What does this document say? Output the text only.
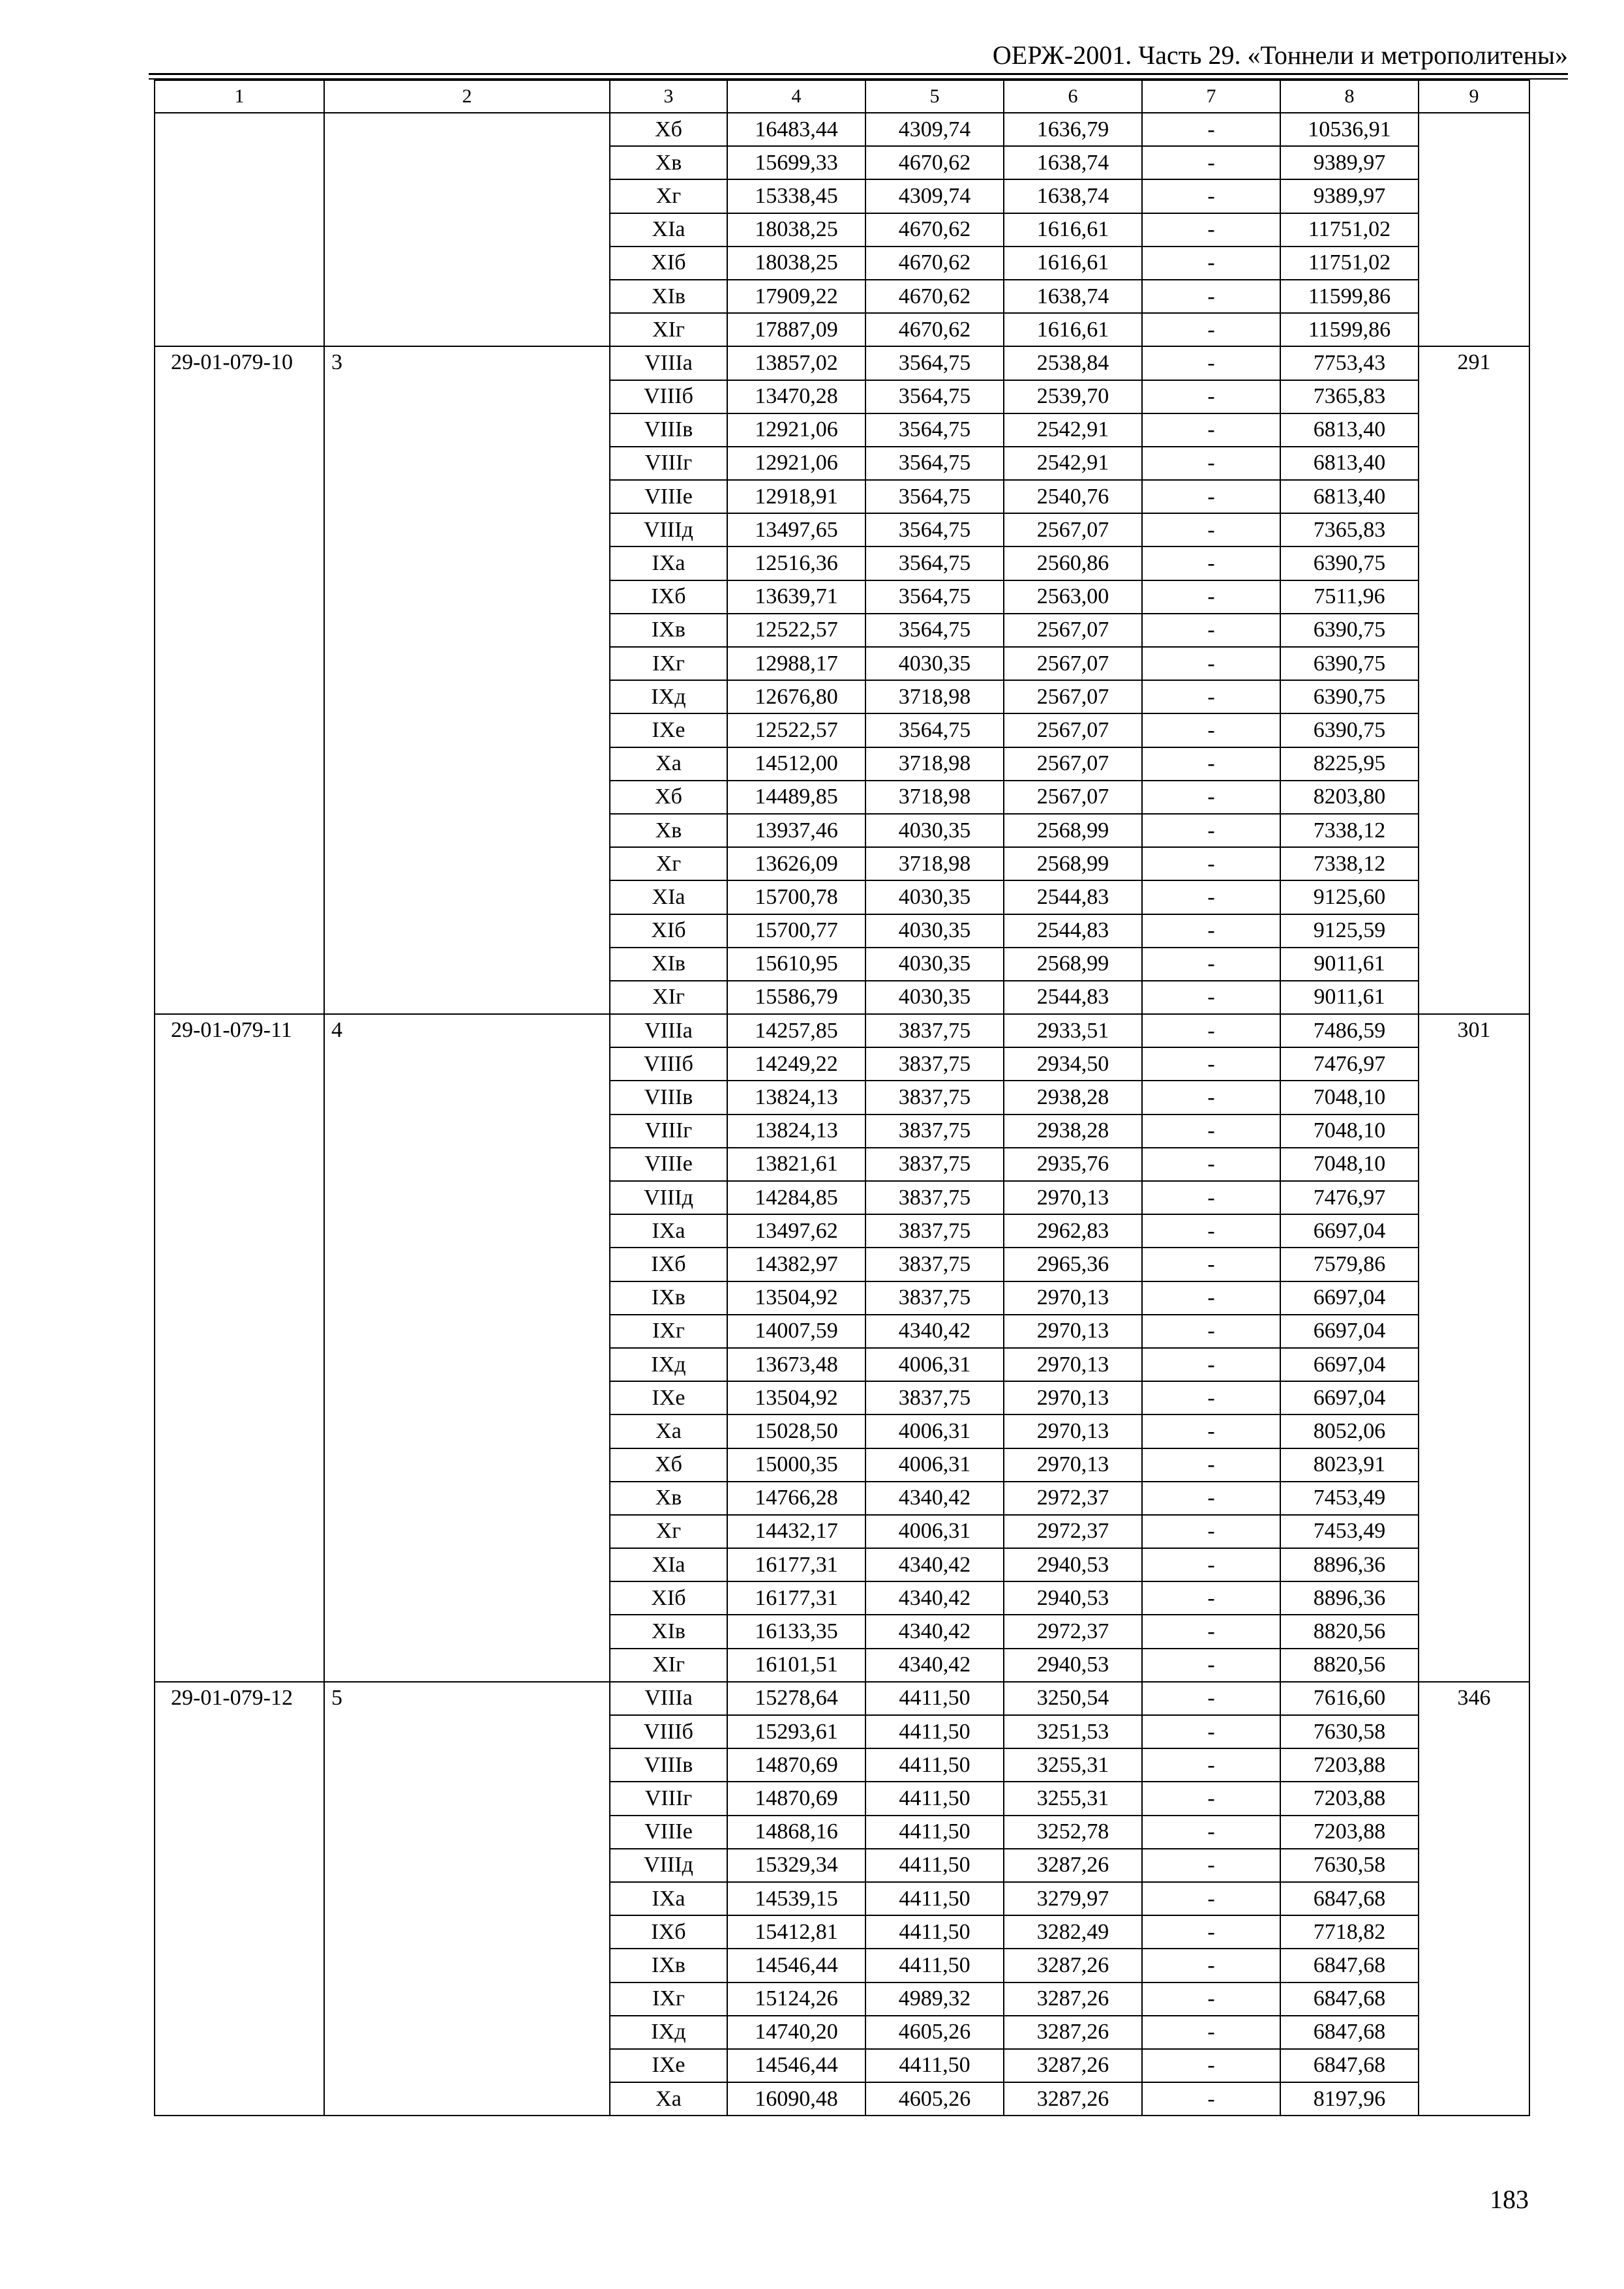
ОЕРЖ-2001. Часть 29. «Тоннели и метрополитены»
1	2	3	4	5	6	7	8	9
		Xб	16483,44	4309,74	1636,79	-	10536,91	
		Xв	15699,33	4670,62	1638,74	-	9389,97	
		Xг	15338,45	4309,74	1638,74	-	9389,97	
		XIа	18038,25	4670,62	1616,61	-	11751,02	
		XIб	18038,25	4670,62	1616,61	-	11751,02	
		XIв	17909,22	4670,62	1638,74	-	11599,86	
		XIг	17887,09	4670,62	1616,61	-	11599,86	
29-01-079-10	3	VIIIа	13857,02	3564,75	2538,84	-	7753,43	291
		VIIIб	13470,28	3564,75	2539,70	-	7365,83	
		VIIIв	12921,06	3564,75	2542,91	-	6813,40	
		VIIIг	12921,06	3564,75	2542,91	-	6813,40	
		VIIIе	12918,91	3564,75	2540,76	-	6813,40	
		VIIIд	13497,65	3564,75	2567,07	-	7365,83	
		IXа	12516,36	3564,75	2560,86	-	6390,75	
		IXб	13639,71	3564,75	2563,00	-	7511,96	
		IXв	12522,57	3564,75	2567,07	-	6390,75	
		IXг	12988,17	4030,35	2567,07	-	6390,75	
		IXд	12676,80	3718,98	2567,07	-	6390,75	
		IXе	12522,57	3564,75	2567,07	-	6390,75	
		Xа	14512,00	3718,98	2567,07	-	8225,95	
		Xб	14489,85	3718,98	2567,07	-	8203,80	
		Xв	13937,46	4030,35	2568,99	-	7338,12	
		Xг	13626,09	3718,98	2568,99	-	7338,12	
		XIа	15700,78	4030,35	2544,83	-	9125,60	
		XIб	15700,77	4030,35	2544,83	-	9125,59	
		XIв	15610,95	4030,35	2568,99	-	9011,61	
		XIг	15586,79	4030,35	2544,83	-	9011,61	
29-01-079-11	4	VIIIа	14257,85	3837,75	2933,51	-	7486,59	301
		VIIIб	14249,22	3837,75	2934,50	-	7476,97	
		VIIIв	13824,13	3837,75	2938,28	-	7048,10	
		VIIIг	13824,13	3837,75	2938,28	-	7048,10	
		VIIIе	13821,61	3837,75	2935,76	-	7048,10	
		VIIIд	14284,85	3837,75	2970,13	-	7476,97	
		IXа	13497,62	3837,75	2962,83	-	6697,04	
		IXб	14382,97	3837,75	2965,36	-	7579,86	
		IXв	13504,92	3837,75	2970,13	-	6697,04	
		IXг	14007,59	4340,42	2970,13	-	6697,04	
		IXд	13673,48	4006,31	2970,13	-	6697,04	
		IXе	13504,92	3837,75	2970,13	-	6697,04	
		Xа	15028,50	4006,31	2970,13	-	8052,06	
		Xб	15000,35	4006,31	2970,13	-	8023,91	
		Xв	14766,28	4340,42	2972,37	-	7453,49	
		Xг	14432,17	4006,31	2972,37	-	7453,49	
		XIа	16177,31	4340,42	2940,53	-	8896,36	
		XIб	16177,31	4340,42	2940,53	-	8896,36	
		XIв	16133,35	4340,42	2972,37	-	8820,56	
		XIг	16101,51	4340,42	2940,53	-	8820,56	
29-01-079-12	5	VIIIа	15278,64	4411,50	3250,54	-	7616,60	346
		VIIIб	15293,61	4411,50	3251,53	-	7630,58	
		VIIIв	14870,69	4411,50	3255,31	-	7203,88	
		VIIIг	14870,69	4411,50	3255,31	-	7203,88	
		VIIIе	14868,16	4411,50	3252,78	-	7203,88	
		VIIIд	15329,34	4411,50	3287,26	-	7630,58	
		IXа	14539,15	4411,50	3279,97	-	6847,68	
		IXб	15412,81	4411,50	3282,49	-	7718,82	
		IXв	14546,44	4411,50	3287,26	-	6847,68	
		IXг	15124,26	4989,32	3287,26	-	6847,68	
		IXд	14740,20	4605,26	3287,26	-	6847,68	
		IXе	14546,44	4411,50	3287,26	-	6847,68	
		Xа	16090,48	4605,26	3287,26	-	8197,96	
183
